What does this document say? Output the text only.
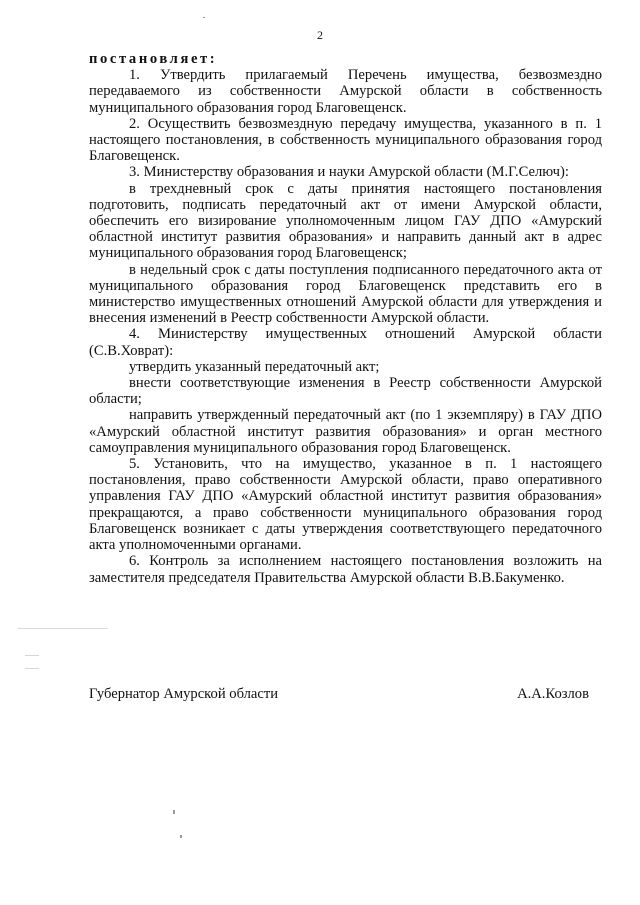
2

постановляет:

1. Утвердить прилагаемый Перечень имущества, безвозмездно передаваемого из собственности Амурской области в собственность муниципального образования город Благовещенск.

2. Осуществить безвозмездную передачу имущества, указанного в п. 1 настоящего постановления, в собственность муниципального образования город Благовещенск.

3. Министерству образования и науки Амурской области (М.Г.Селюч):

в трехдневный срок с даты принятия настоящего постановления подготовить, подписать передаточный акт от имени Амурской области, обеспечить его визирование уполномоченным лицом ГАУ ДПО «Амурский областной институт развития образования» и направить данный акт в адрес муниципального образования город Благовещенск;

в недельный срок с даты поступления подписанного передаточного акта от муниципального образования город Благовещенск представить его в министерство имущественных отношений Амурской области для утверждения и внесения изменений в Реестр собственности Амурской области.

4. Министерству имущественных отношений Амурской области (С.В.Ховрат):

утвердить указанный передаточный акт;

внести соответствующие изменения в Реестр собственности Амурской области;

направить утвержденный передаточный акт (по 1 экземпляру) в ГАУ ДПО «Амурский областной институт развития образования» и орган местного самоуправления муниципального образования город Благовещенск.

5. Установить, что на имущество, указанное в п. 1 настоящего постановления, право собственности Амурской области, право оперативного управления ГАУ ДПО «Амурский областной институт развития образования» прекращаются, а право собственности муниципального образования город Благовещенск возникает с даты утверждения соответствующего передаточного акта уполномоченными органами.

6. Контроль за исполнением настоящего постановления возложить на заместителя председателя Правительства Амурской области В.В.Бакуменко.

Губернатор Амурской области	А.А.Козлов
